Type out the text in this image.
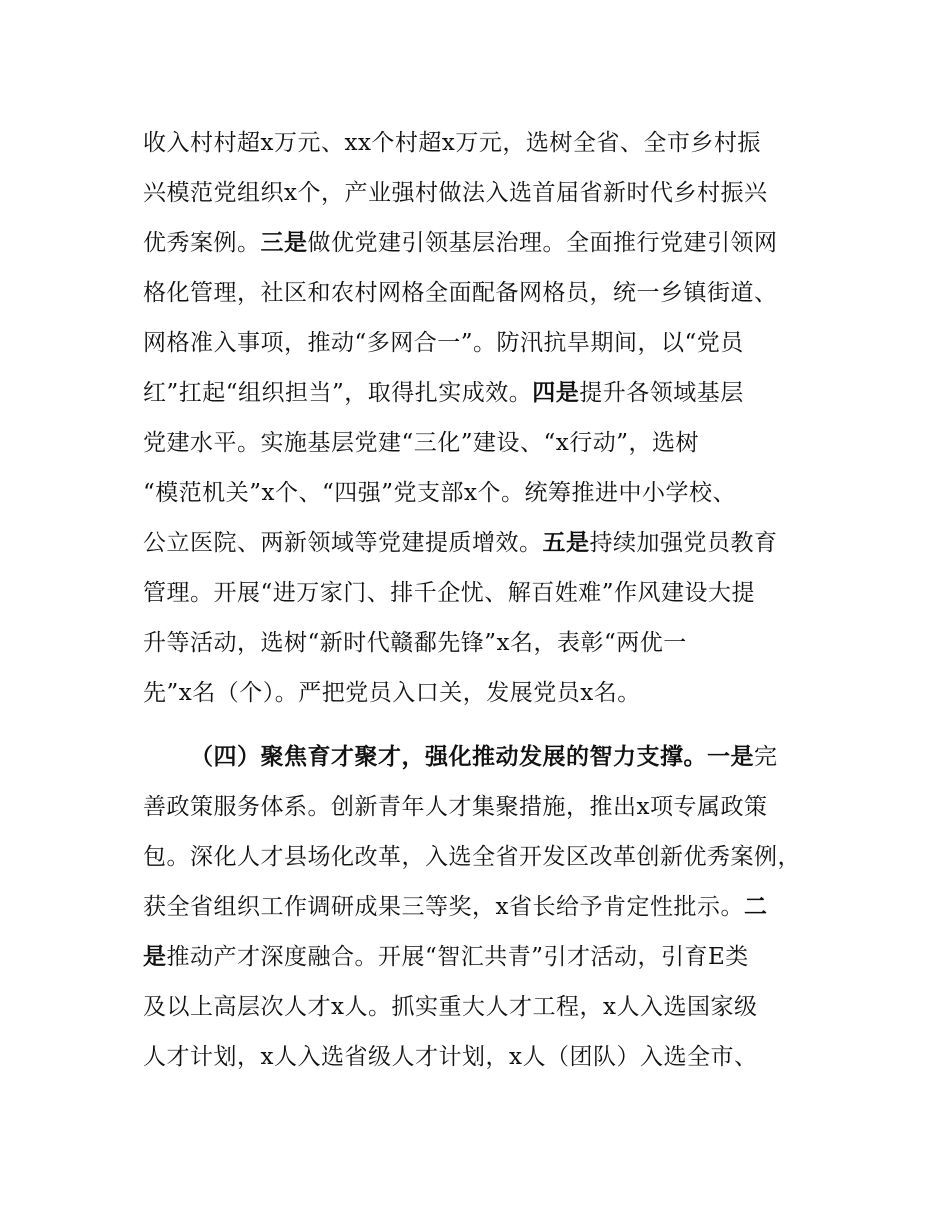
收入村村超x万元、xx个村超x万元，选树全省、全市乡村振
兴模范党组织x个，产业强村做法入选首届省新时代乡村振兴
优秀案例。三是做优党建引领基层治理。全面推行党建引领网
格化管理，社区和农村网格全面配备网格员，统一乡镇街道、
网格准入事项，推动“多网合一”。防汛抗旱期间，以“党员
红”扛起“组织担当”，取得扎实成效。四是提升各领域基层
党建水平。实施基层党建“三化”建设、“x行动”，选树
“模范机关”x个、“四强”党支部x个。统筹推进中小学校、
公立医院、两新领域等党建提质增效。五是持续加强党员教育
管理。开展“进万家门、排千企忧、解百姓难”作风建设大提
升等活动，选树“新时代赣鄱先锋”x名，表彰“两优一
先”x名（个）。严把党员入口关，发展党员x名。
（四）聚焦育才聚才，强化推动发展的智力支撑。一是完
善政策服务体系。创新青年人才集聚措施，推出x项专属政策
包。深化人才县场化改革，入选全省开发区改革创新优秀案例，
获全省组织工作调研成果三等奖，x省长给予肯定性批示。二
是推动产才深度融合。开展“智汇共青”引才活动，引育E类
及以上高层次人才x人。抓实重大人才工程，x人入选国家级
人才计划，x人入选省级人才计划，x人（团队）入选全市、
